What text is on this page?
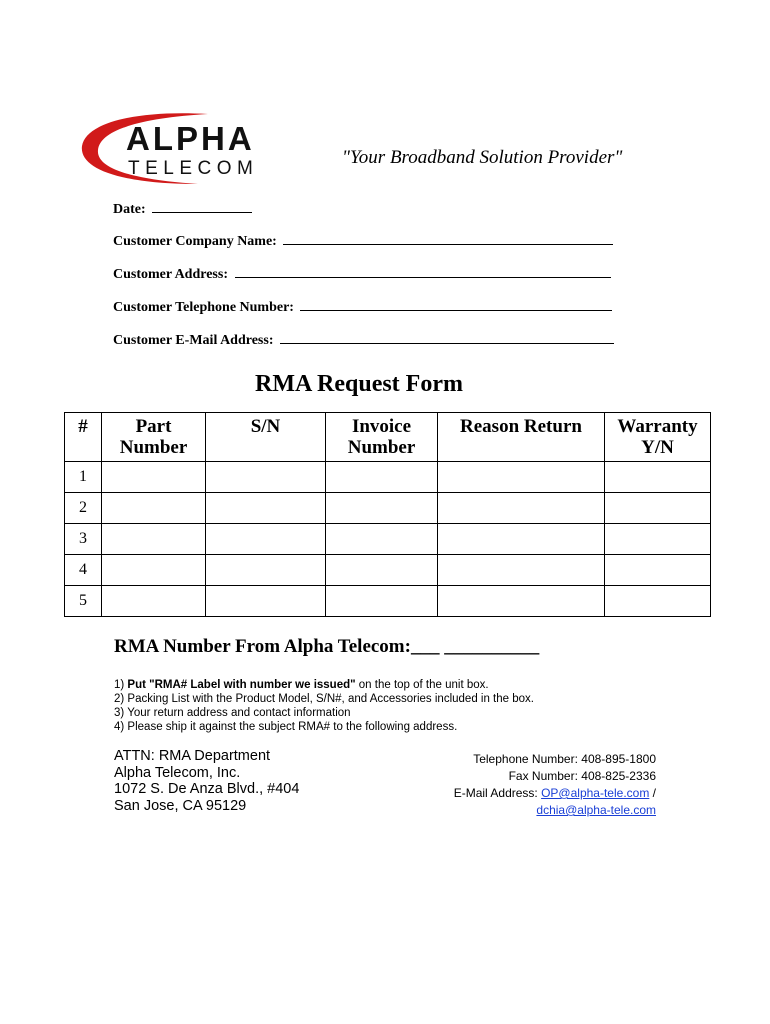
ALPHA
TELECOM
"Your Broadband Solution Provider"
Date:
Customer Company Name:
Customer Address:
Customer Telephone Number:
Customer E-Mail Address:
RMA Request Form
#	Part Number	S/N	Invoice Number	Reason Return	Warranty Y/N
1					
2					
3					
4					
5					
RMA Number From Alpha Telecom:___ __________
1) Put "RMA# Label with number we issued" on the top of the unit box.
2) Packing List with the Product Model, S/N#, and Accessories included in the box.
3) Your return address and contact information
4) Please ship it against the subject RMA# to the following address.
ATTN: RMA Department
Alpha Telecom, Inc.
1072 S. De Anza Blvd., #404
San Jose, CA 95129
Telephone Number: 408-895-1800
Fax Number: 408-825-2336
E-Mail Address: OP@alpha-tele.com /
dchia@alpha-tele.com
